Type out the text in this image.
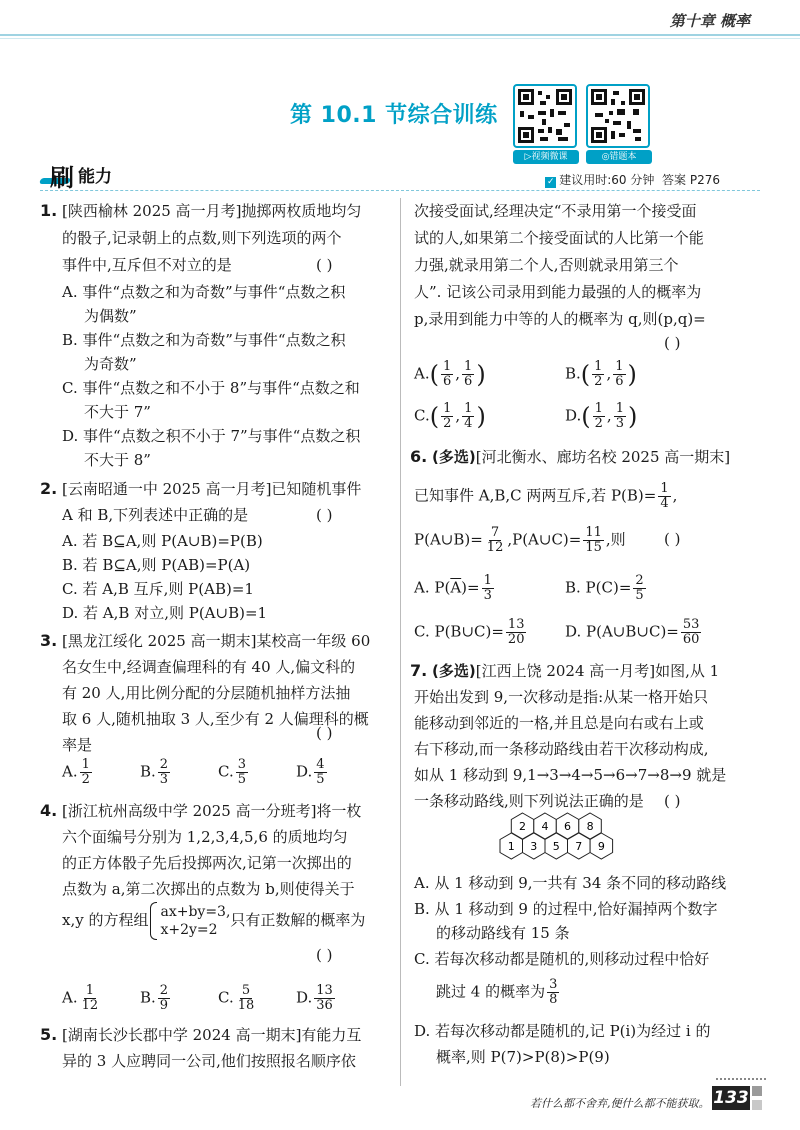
第十章 概率
第 10.1 节综合训练
▷视频微课	◎错题本
刷 能力	✓ 建议用时:60 分钟 答案 P276
1. [陕西榆林 2025 高一月考]抛掷两枚质地均匀
的骰子,记录朝上的点数,则下列选项的两个
事件中,互斥但不对立的是	( )
A. 事件“点数之和为奇数”与事件“点数之积
为偶数”
B. 事件“点数之和为奇数”与事件“点数之积
为奇数”
C. 事件“点数之和不小于 8”与事件“点数之和
不大于 7”
D. 事件“点数之积不小于 7”与事件“点数之积
不大于 8”
2. [云南昭通一中 2025 高一月考]已知随机事件
A 和 B,下列表述中正确的是	( )
A. 若 B⊆A,则 P(A∪B)=P(B)
B. 若 B⊆A,则 P(AB)=P(A)
C. 若 A,B 互斥,则 P(AB)=1
D. 若 A,B 对立,则 P(A∪B)=1
3. [黑龙江绥化 2025 高一期末]某校高一年级 60
名女生中,经调查偏理科的有 40 人,偏文科的
有 20 人,用比例分配的分层随机抽样方法抽
取 6 人,随机抽取 3 人,至少有 2 人偏理科的概
率是
( )
A. $\frac{1}{2}$	B. $\frac{2}{3}$	C. $\frac{3}{5}$	D. $\frac{4}{5}$
4. [浙江杭州高级中学 2025 高一分班考]将一枚
六个面编号分别为 1,2,3,4,5,6 的质地均匀
的正方体骰子先后投掷两次,记第一次掷出的
点数为 a,第二次掷出的点数为 b,则使得关于
x,y 的方程组 ax+by=3,
x+2y=2
只有正数解的概率为
( )
A. $\frac{1}{12}$	B. $\frac{2}{9}$	C. $\frac{5}{18}$	D. $\frac{13}{36}$
5. [湖南长沙长郡中学 2024 高一期末]有能力互
异的 3 人应聘同一公司,他们按照报名顺序依
次接受面试,经理决定“不录用第一个接受面
试的人,如果第二个接受面试的人比第一个能
力强,就录用第二个人,否则就录用第三个
人”. 记该公司录用到能力最强的人的概率为
p,录用到能力中等的人的概率为 q,则(p,q)=
( )
$A.( \frac{1}{6}$ , $\frac{1}{6}$ )	$B.( \frac{1}{2}$ , $\frac{1}{6}$ )
$C.( \frac{1}{2}$ , $\frac{1}{4}$ )	$D.( \frac{1}{2}$ , $\frac{1}{3}$ )
6. (多选)[河北衡水、廊坊名校 2025 高一期末]
已知事件 A,B,C 两两互斥,若 $P(B)= \frac{1}{4}$ ,
P(A∪B)= $\frac{7}{12}$ ,P(A∪C)= $\frac{11}{15}$ ,则	( )
A. $P(\overline{A})= \frac{1}{3}$	B. $P(C)= \frac{2}{5}$
C. P(B∪C)= $\frac{13}{20}$	D. P(A∪B∪C)= $\frac{53}{60}$
7. (多选)[江西上饶 2024 高一月考]如图,从 1
开始出发到 9,一次移动是指:从某一格开始只
能移动到邻近的一格,并且总是向右或右上或
右下移动,而一条移动路线由若干次移动构成,
如从 1 移动到 9,1→3→4→5→6→7→8→9 就是
一条移动路线,则下列说法正确的是 ( )
2 4 6 8
1 3 5 7 9
A. 从 1 移动到 9,一共有 34 条不同的移动路线
B. 从 1 移动到 9 的过程中,恰好漏掉两个数字
的移动路线有 15 条
C. 若每次移动都是随机的,则移动过程中恰好
跳过 4 的概率为 $\frac{3}{8}$
D. 若每次移动都是随机的,记 P(i)为经过 i 的
概率,则 P(7)>P(8)>P(9)
若什么都不舍弃,便什么都不能获取。 133
